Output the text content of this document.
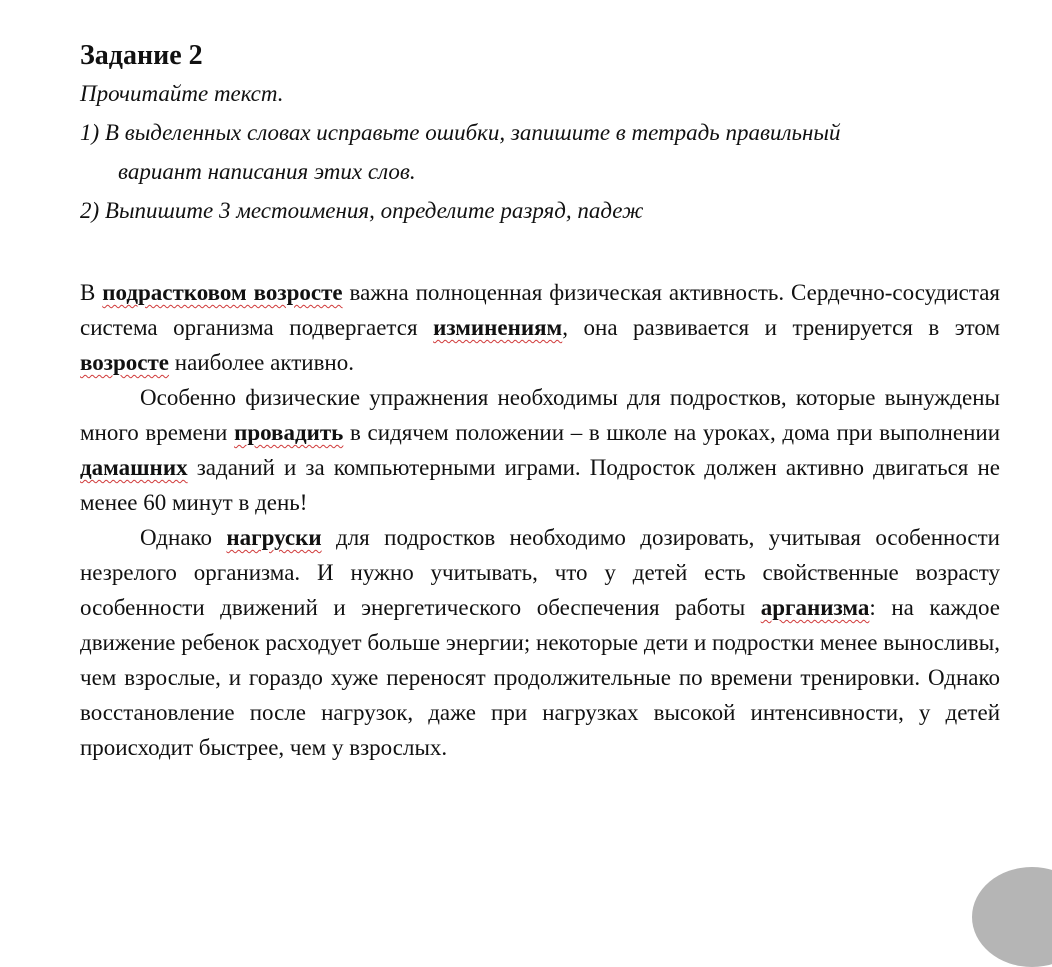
Задание 2

Прочитайте текст.

1) В выделенных словах исправьте ошибки, запишите в тетрадь правильный

вариант написания этих слов.

2) Выпишите 3 местоимения, определите разряд, падеж

В подрастковом возросте важна полноценная физическая активность. Сердечно-сосудистая система организма подвергается изминениям, она развивается и тренируется в этом возросте наиболее активно.

Особенно физические упражнения необходимы для подростков, которые вынуждены много времени провадить в сидячем положении – в школе на уроках, дома при выполнении дамашних заданий и за компьютерными играми. Подросток должен активно двигаться не менее 60 минут в день!

Однако нагруски для подростков необходимо дозировать, учитывая особенности незрелого организма. И нужно учитывать, что у детей есть свойственные возрасту особенности движений и энергетического обеспечения работы арганизма: на каждое движение ребенок расходует больше энергии; некоторые дети и подростки менее выносливы, чем взрослые, и гораздо хуже переносят продолжительные по времени тренировки. Однако восстановление после нагрузок, даже при нагрузках высокой интенсивности, у детей происходит быстрее, чем у взрослых.
